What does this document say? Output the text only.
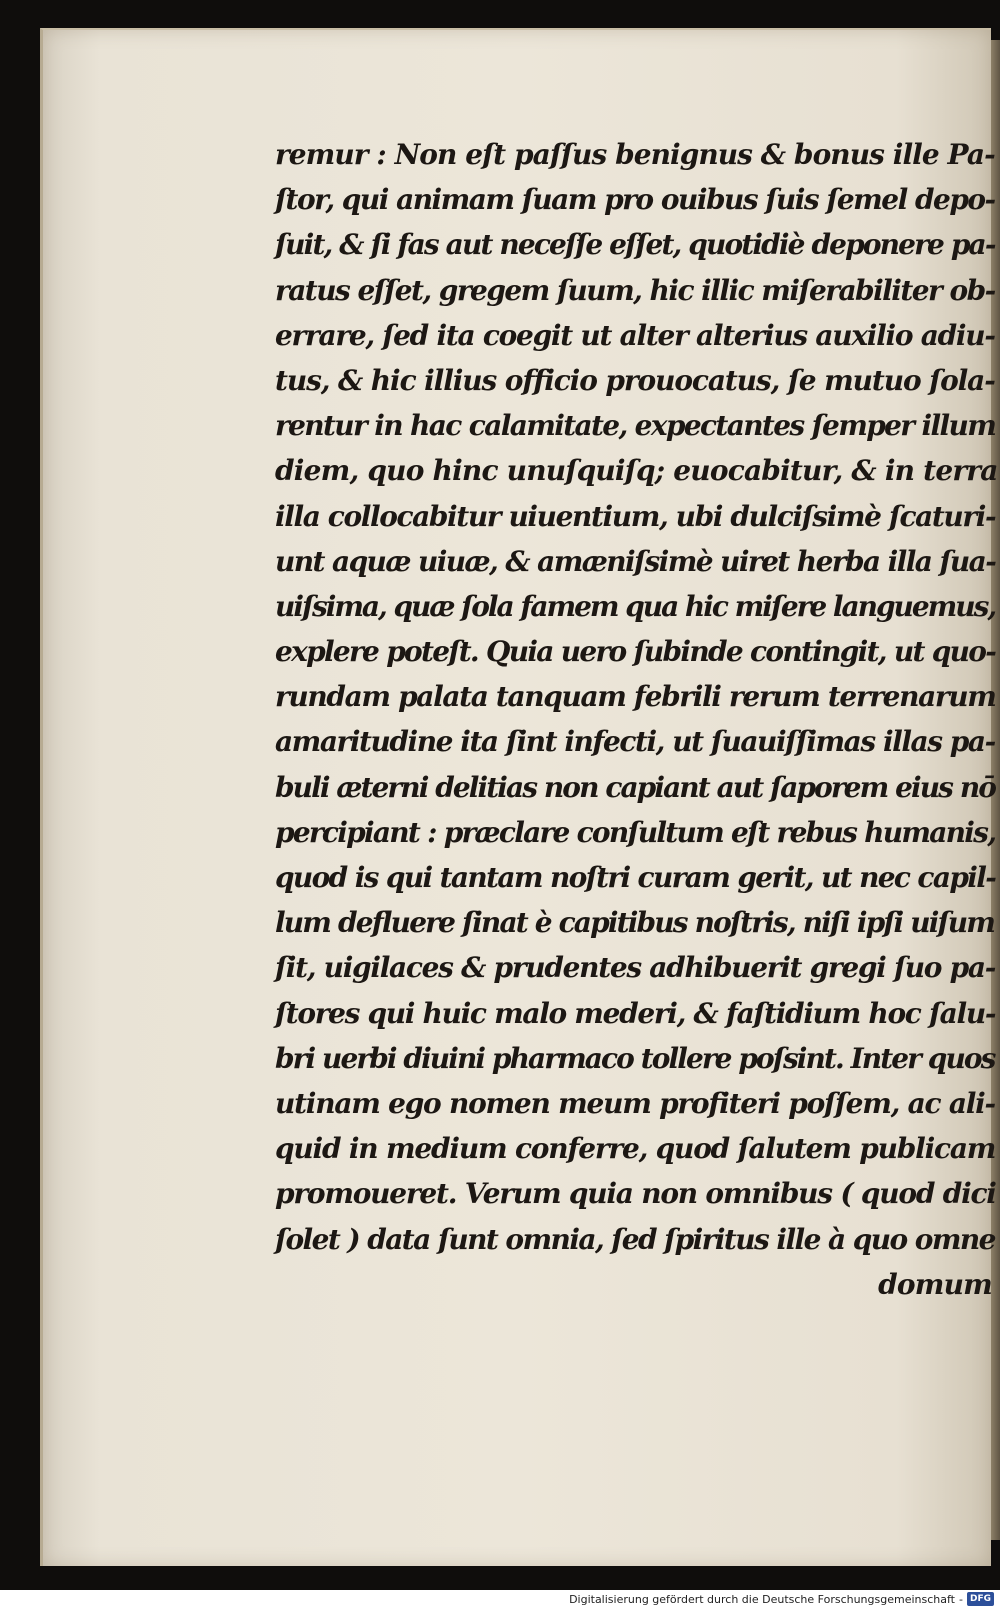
remur : Non eſt paſſus benignus & bonus ille Pa-
ſtor, qui animam ſuam pro ouibus ſuis ſemel depo-
ſuit, & ſi fas aut neceſſe eſſet, quotidiè deponere pa-
ratus eſſet, gregem ſuum, hic illic miſerabiliter ob-
errare, ſed ita coegit ut alter alterius auxilio adiu-
tus, & hic illius officio prouocatus, ſe mutuo ſola-
rentur in hac calamitate, expectantes ſemper illum
diem, quo hinc unuſquiſq; euocabitur, & in terra
illa collocabitur uiuentium, ubi dulciſsimè ſcaturi-
unt aquæ uiuæ, & amæniſsimè uiret herba illa ſua-
uiſsima, quæ ſola famem qua hic miſere languemus,
explere poteſt. Quia uero ſubinde contingit, ut quo-
rundam palata tanquam febrili rerum terrenarum
amaritudine ita ſint infecti, ut ſuauiſſimas illas pa-
buli æterni delitias non capiant aut ſaporem eius nō
percipiant : præclare conſultum eſt rebus humanis,
quod is qui tantam noſtri curam gerit, ut nec capil-
lum defluere ſinat è capitibus noſtris, niſi ipſi uiſum
ſit, uigilaces & prudentes adhibuerit gregi ſuo pa-
ſtores qui huic malo mederi, & faſtidium hoc ſalu-
bri uerbi diuini pharmaco tollere poſsint. Inter quos
utinam ego nomen meum profiteri poſſem, ac ali-
quid in medium conferre, quod ſalutem publicam
promoueret. Verum quia non omnibus ( quod dici
ſolet ) data ſunt omnia, ſed ſpiritus ille à quo omne
domum
Digitalisierung gefördert durch die Deutsche Forschungsgemeinschaft - DFG
